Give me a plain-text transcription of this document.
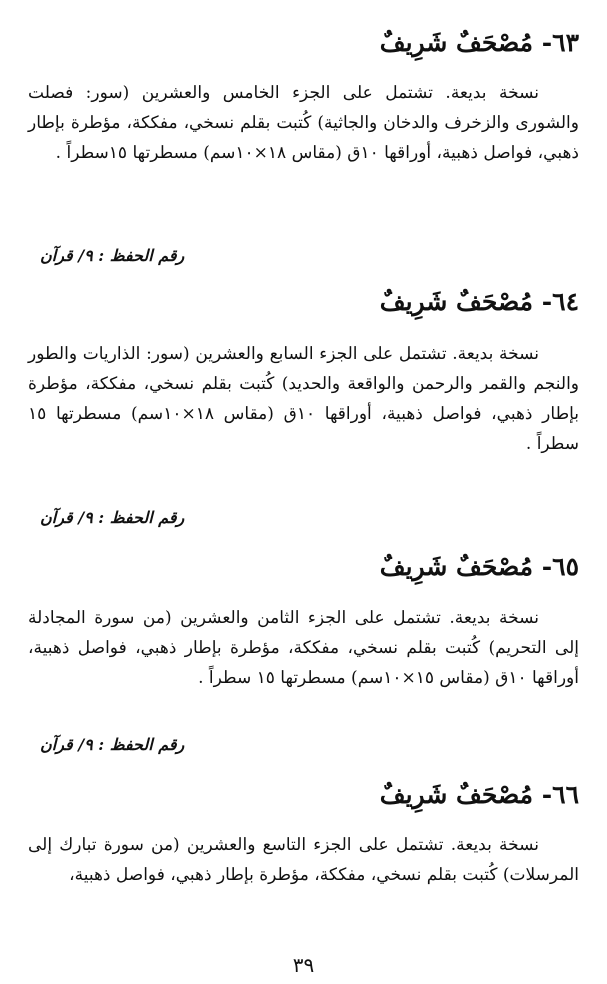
٦٣- مُصْحَفٌ شَرِيفٌ
نسخة بديعة. تشتمل على الجزء الخامس والعشرين (سور: فصلت والشورى والزخرف والدخان والجاثية) كُتبت بقلم نسخي، مفككة، مؤطرة بإطار ذهبي، فواصل ذهبية، أوراقها ١٠ق (مقاس ١٨×١٠سم) مسطرتها ١٥سطراً .
رقم الحفظ : ٩/ قرآن
٦٤- مُصْحَفٌ شَرِيفٌ
نسخة بديعة. تشتمل على الجزء السابع والعشرين (سور: الذاريات والطور والنجم والقمر والرحمن والواقعة والحديد) كُتبت بقلم نسخي، مفككة، مؤطرة بإطار ذهبي، فواصل ذهبية، أوراقها ١٠ق (مقاس ١٨×١٠سم) مسطرتها ١٥ سطراً .
رقم الحفظ : ٩/ قرآن
٦٥- مُصْحَفٌ شَرِيفٌ
نسخة بديعة. تشتمل على الجزء الثامن والعشرين (من سورة المجادلة إلى التحريم) كُتبت بقلم نسخي، مفككة، مؤطرة بإطار ذهبي، فواصل ذهبية، أوراقها ١٠ق (مقاس ١٥×١٠سم) مسطرتها ١٥ سطراً .
رقم الحفظ : ٩/ قرآن
٦٦- مُصْحَفٌ شَرِيفٌ
نسخة بديعة. تشتمل على الجزء التاسع والعشرين (من سورة تبارك إلى المرسلات) كُتبت بقلم نسخي، مفككة، مؤطرة بإطار ذهبي، فواصل ذهبية،
٣٩
